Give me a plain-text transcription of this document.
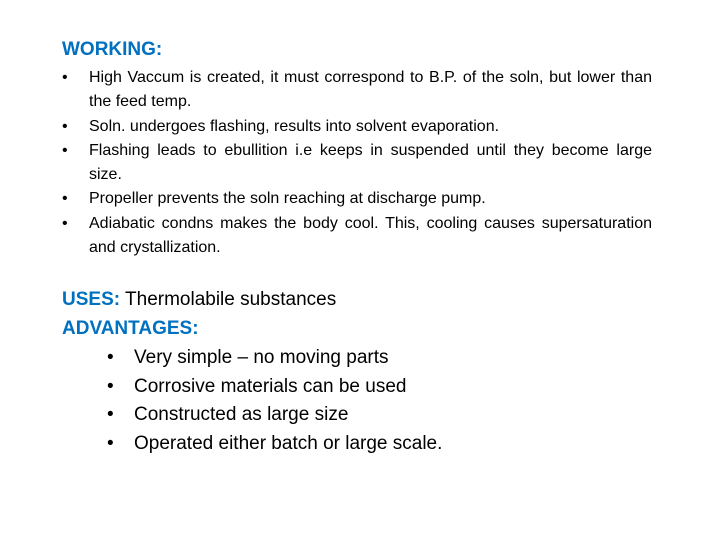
WORKING:
• High Vaccum is created, it must correspond to B.P. of the soln, but lower than the feed temp.
• Soln. undergoes flashing, results into solvent evaporation.
• Flashing leads to ebullition i.e keeps in suspended until they become large size.
• Propeller prevents the soln reaching at discharge pump.
• Adiabatic condns makes the body cool. This, cooling causes supersaturation and crystallization.

USES: Thermolabile substances

ADVANTAGES:
• Very simple – no moving parts
• Corrosive materials can be used
• Constructed as large size
• Operated either batch or large scale.
